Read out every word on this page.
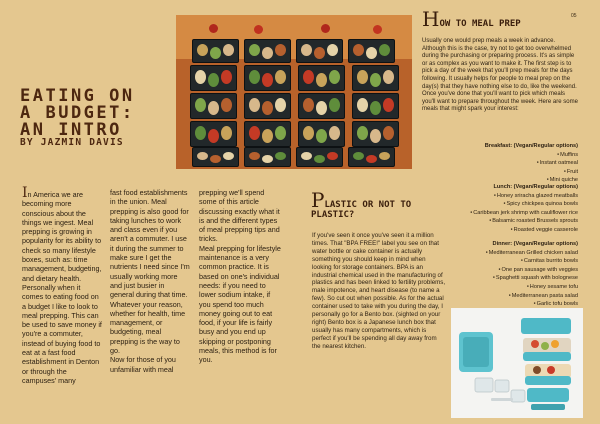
05
EATING ON
A BUDGET:
AN INTRO
BY JAZMIN DAVIS

In America we are becoming more conscious about the things we ingest. Meal prepping is growing in popularity for its ability to check so many lifestyle boxes, such as: time management, budgeting, and dietary health.

Personally when it comes to eating food on a budget I like to look to meal prepping. This can be used to save money if you're a commuter, instead of buying food to eat at a fast food establishment in Denton or through the campuses' many

fast food establishments in the union. Meal prepping is also good for taking lunches to work and class even if you aren't a commuter. I use it during the summer to make sure I get the nutrients I need since I'm usually working more and just busier in general during that time. Whatever your reason, whether for health, time management, or budgeting, meal prepping is the way to go.

Now for those of you unfamiliar with meal

prepping we'll spend some of this article discussing exactly what it is and the different types of meal prepping tips and tricks.

Meal prepping for lifestyle maintenance is a very common practice. It is based on one's individual needs: if you need to lower sodium intake, if you spend too much money going out to eat food, if your life is fairly busy and you end up skipping or postponing meals, this method is for you.

HOW TO MEAL PREP

Usually one would prep meals a week in advance. Although this is the case, try not to get too overwhelmed during the purchasing or preparing process. It's as simple or as complex as you want to make it. The first step is to pick a day of the week that you'll prep meals for the days following. It usually helps for people to meal prep on the day(s) that they have nothing else to do, like the weekend.

Once you've done that you'll want to pick which meals you'll want to prepare throughout the week. Here are some meals that might spark your interest:

Breakfast: (Vegan/Regular options)
● Muffins
● Instant oatmeal
● Fruit
● Mini quiche
Lunch: (Vegan/Regular options)
● Honey sriracha glazed meatballs
● Spicy chickpea quinoa bowls
● Caribbean jerk shrimp with cauliflower rice
● Balsamic roasted Brussels sprouts
● Roasted veggie casserole
Dinner: (Vegan/Regular options)
● Mediterranean Grilled chicken salad
● Carnitas burrito bowls
● One pan sausage with veggies
● Spaghetti squash with bolognese
● Honey sesame tofu
● Mediterranean pasta salad
● Garlic tofu bowls
PLASTIC OR NOT TO PLASTIC?
If you've seen it once you've seen it a million times. That "BPA FREE!" label you see on that water bottle or cake container is actually something you should keep in mind when looking for storage containers. BPA is an industrial chemical used in the manufacturing of plastics and has been linked to fertility problems, male impotence, and heart disease (to name a few). So cut out when possible. As for the actual container used to take with you during the day, I personally go for a Bento box. (sighted on your right) Bento box is a Japanese lunch box that usually has many compartments, which is perfect if you'll be spending all day away from the nearest kitchen.
